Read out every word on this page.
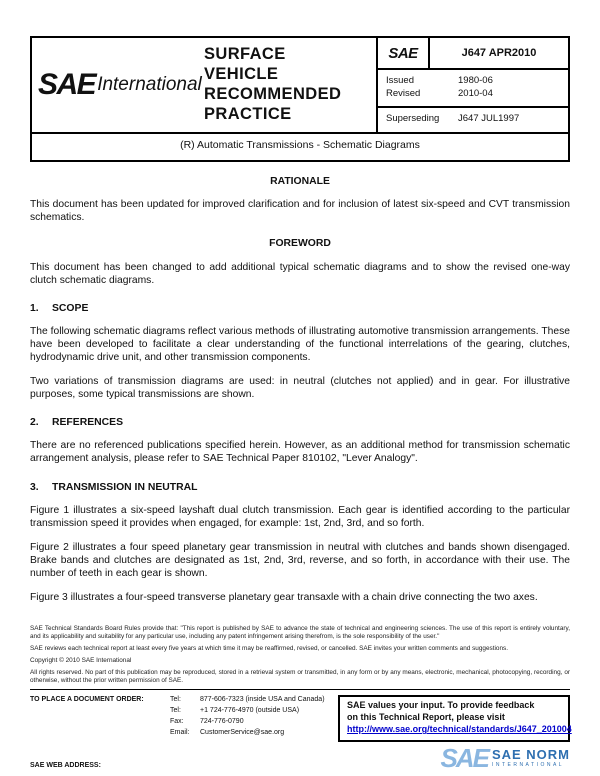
SAE International
SURFACE
VEHICLE
RECOMMENDED
PRACTICE
SAE	J647 APR2010
Issued	1980-06
Revised	2010-04
Superseding J647 JUL1997
(R) Automatic Transmissions - Schematic Diagrams
RATIONALE

This document has been updated for improved clarification and for inclusion of latest six-speed and CVT transmission schematics.

FOREWORD

This document has been changed to add additional typical schematic diagrams and to show the revised one-way clutch schematic diagrams.

1. SCOPE

The following schematic diagrams reflect various methods of illustrating automotive transmission arrangements. These have been developed to facilitate a clear understanding of the functional interrelations of the gearing, clutches, hydrodynamic drive unit, and other transmission components.

Two variations of transmission diagrams are used: in neutral (clutches not applied) and in gear. For illustrative purposes, some typical transmissions are shown.

2. REFERENCES

There are no referenced publications specified herein. However, as an additional method for transmission schematic arrangement analysis, please refer to SAE Technical Paper 810102, "Lever Analogy".

3. TRANSMISSION IN NEUTRAL

Figure 1 illustrates a six-speed layshaft dual clutch transmission. Each gear is identified according to the particular transmission speed it provides when engaged, for example: 1st, 2nd, 3rd, and so forth.

Figure 2 illustrates a four speed planetary gear transmission in neutral with clutches and bands shown disengaged. Brake bands and clutches are designated as 1st, 2nd, 3rd, reverse, and so forth, in accordance with their use. The number of teeth in each gear is shown.

Figure 3 illustrates a four-speed transverse planetary gear transaxle with a chain drive connecting the two axes.

SAE Technical Standards Board Rules provide that: "This report is published by SAE to advance the state of technical and engineering sciences. The use of this report is entirely voluntary, and its applicability and suitability for any particular use, including any patent infringement arising therefrom, is the sole responsibility of the user."

SAE reviews each technical report at least every five years at which time it may be reaffirmed, revised, or cancelled. SAE invites your written comments and suggestions.

Copyright © 2010 SAE International

All rights reserved. No part of this publication may be reproduced, stored in a retrieval system or transmitted, in any form or by any means, electronic, mechanical, photocopying, recording, or otherwise, without the prior written permission of SAE.

TO PLACE A DOCUMENT ORDER:	Tel:	877-606-7323 (inside USA and Canada)
Tel:	+1 724-776-4970 (outside USA)
Fax:	724-776-0790
Email:	CustomerService@sae.org
SAE WEB ADDRESS:
SAE values your input. To provide feedback
on this Technical Report, please visit
http://www.sae.org/technical/standards/J647_201004
SAE SAE NORM
INTERNATIONAL
